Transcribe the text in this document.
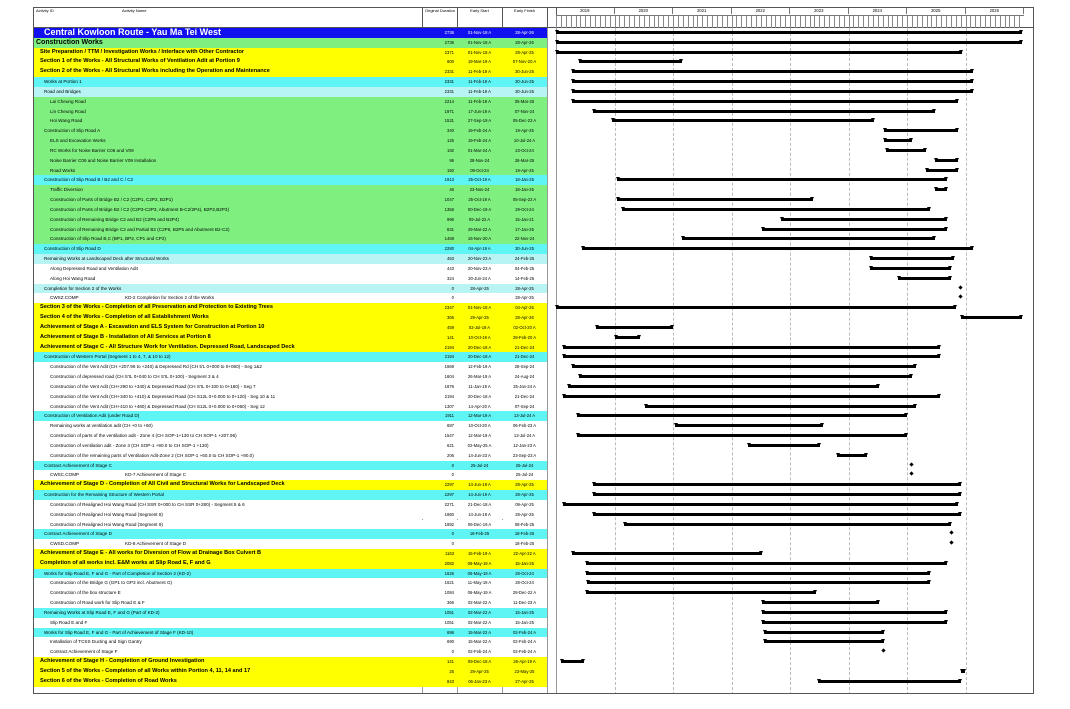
Activity ID	Activity Name	Original Duration	Early Start	Early Finish	2019	2020	2021	2022	2023	2024	2025	2026
Central Kowloon Route - Yau Ma Tei West	2736	01-Nov-18 A	28-Apr-26
Construction Works	2736	01-Nov-18 A	28-Apr-26
Site Preparation / TTM / Investigation Works / Interface with Other Contractor	2371	01-Nov-18 A	28-Apr-25
Section 1 of the Works - All Structural Works of Ventilation Adit at Portion 9	600	19-Mar-19 A	07-Nov-20 A
Section 2 of the Works - All Structural Works including the Operation and Maintenance	2331	11-Feb-19 A	30-Jun-25
Works at Portion 1	2331	11-Feb-19 A	30-Jun-25
Road and Bridges	2331	11-Feb-19 A	30-Jun-25
Lai Cheung Road	2214	11-Feb-19 A	05-Mar-25
Lin Cheung Road	1971	17-Jun-19 A	07-Nov-24
Hoi Wang Road	1531	27-Sep-19 A	05-Dec-23 A
Construction of Slip Road A	340	19-Feb-24 A	19-Apr-25
ELS and Excavation Works	125	19-Feb-24 A	10-Jul-24 A
RC Works for Noise Barrier C06 and V09	192	01-Mar-24 A	23-Oct-24
Noise Barrier C06 and Noise Barrier V09 Installation	96	28-Nov-24	26-Mar-25
Road Works	150	09-Oct-24	19-Apr-25
Construction of Slip Road B / B2 and C / C2	1913	25-Oct-19 A	18-Jan-25
Traffic Diversion	46	23-Nov-24	18-Jan-25
Construction of Parts of Bridge B2 / C2 (C2P1, C2P2, B2P1)	1047	25-Oct-19 A	05-Sep-22 A
Construction of Parts of Bridge B2 / C2 (C2P3-C2P3, Abutment B-C2/2P4), B2P2,B2P3)	1356	00-Dec-19 A	29-Oct-24
Construction of Remaining Bridge C2 and B2 (C2P5 and B2P4)	996	09-Jul-22 A	15-Jan-21
Construction of Remaining Bridge C2 and Partial B2 (C2P6, B2P5 and Abutment B2-C2)	831	29-Mar-22 A	17-Jan-25
Construction of Slip Road B,C (BP1, BP2, CP1 and CP2)	1468	16-Nov-20 A	22-Nov-24
Construction of Slip Road D	2280	04-Apr-19 A	30-Jun-25
Remaining Works at Landscaped Deck after Structural Works	463	20-Nov-23 A	24-Feb-25
Along Depressed Road and Ventilation Adit	443	20-Nov-23 A	04-Feb-25
Along Hoi Wang Road	324	20-Jun-24 A	14-Feb-25
Completion for Section 2 of the Works	0	28-Apr-25	28-Apr-25
CWSZ.COMP	KD-2 Completion for Section 2 of the Works	0	28-Apr-25
Section 3 of the Works - Completion of all Preservation and Protection to Existing Trees	2347	01-Nov-18 A	04-Apr-25
Section 4 of the Works - Completion of all Establishment Works	365	29-Apr-25	28-Apr-26
Achievement of Stage A - Excavation and ELS System for Construction at Portion 10	459	02-Jul-19 A	02-Oct-20 A
Achievement of Stage B - Installation of All Services at Portion 8	141	10-Oct-19 A	29-Feb-20 A
Achievement of Stage C - All Structure Work for Ventilation. Depressed Road, Landscaped Deck	2194	20-Dec-18 A	21-Dec-24
Construction of Western Portal (Segment 1 to 4, 7, & 10 to 12)	2194	20-Dec-18 A	21-Dec-24
Construction of the Vent Adit (CH +207.96 to +240) & Depressed Rd (CH 5'L 0+000 to 0+060) - Seg 1&2	1669	12-Feb-19 A	28-Sep-24
Construction of depressed road (CH S'IL 0+040 to CH S'IL 0+100) - Segment 3 & 4	1604	26-Mar-19 A	24-Aug-24
Construction of the Vent Adit (CH+290 to +340) & Depressed Road (CH S'IL 0+100 to 0+160) - Seg 7	1876	11-Jan-19 A	25-Jan-24 A
Construction of the Vent Adit (CH+340 to +410) & Depressed Road (CH S12L 0+0.000 to 0+120) - Seg 10 & 11	2194	20-Dec-18 A	21-Dec-24
Construction of the Vent Adit (CH+410 to +460) & Depressed Road (CH S12L 0+0.000 to 0+060) - Seg 12	1307	14-Apr-20 A	07-Sep-24
Construction of Ventilation Adit (under Road D)	1911	12-Mar-19 A	13-Jul-24 A
Remaining works at ventilation adit (CH +0 to +60)	687	10-Oct-20 A	06-Feb-23 A
Construction of parts of the ventilation adit - Zone 4 (CH SOP-1+130 to CH SOP-1 +207.96)	1547	12-Mar-19 A	13-Jul-24 A
Construction of ventilation adit - Zone 3 (CH SOP-1 +90.0 to CH SOP-1 +130)	621	02-May-25 A	12-Jan-23 A
Construction of the remaining parts of Ventilation Adit-Zone 2 (CH SOP-1 +60.0 to CH SOP-1 +90.0)	206	14-Jun-23 A	23-Sep-23 A
Contract Achievement of Stage C	0	25-Jul-24	25-Jul-24
CWSC.COMP	KD-7 Achievement of Stage C	0	25-Jul-24
Achievement of Stage D - Completion of All Civil and Structural Works for Landscaped Deck	2297	14-Jun-19 A	28-Apr-25
Construction for the Remaining Structure of Western Portal	2297	14-Jun-19 A	28-Apr-25
Construction of Realigned Hoi Wang Road (CH SSR 0+000 to CH SSR 0+280) - Segment 5 & 6	2271	21-Dec-18 A	09-Apr-25
Construction of Realigned Hoi Wang Road (Segment 8)	1860	14-Jun-19 A	28-Apr-25
Construction of Realigned Hoi Wang Road (Segment 9)	1892	06-Dec-19 A	08-Feb-25
Contract Achievement of Stage D	0	18-Feb-25	18-Feb-25
CWSD.COMP	KD-8 Achievement of Stage D	0	18-Feb-25
Achievement of Stage E - All works for Diversion of Flow at Drainage Box Culvert B	1163	15-Feb-19 A	22-Apr-22 A
Completion of all works incl. E&M works at Slip Road E, F and G	2082	06-May-19 A	15-Jan-25
Works for Slip Road E, F and G - Part of Completion of Section 2 (KD-2)	1626	06-May-19 A	28-Oct-24
Construction of the Bridge G (GP1 to GP3 incl. Abutment G)	1621	11-May-19 A	28-Oct-24
Construction of the box structure E	1084	06-May-19 A	28-Dec-22 A
Construction of Road work for Slip Road E & F	366	02-Mar-22 A	11-Dec-23 A
Remaining Works at Slip Road E, F and G (Part of KD-2)	1051	02-Mar-22 A	15-Jan-25
Slip Road E and F	1051	02-Mar-22 A	15-Jan-25
Works for Slip Road E, F and G - Part of Achievement of Stage F (KD-10)	696	15-Mar-22 A	02-Feb-24 A
Installation of TCSS Ducting and Sign Gantry	690	15-Mar-22 A	02-Feb-24 A
Contract Achievement of Stage F	0	02-Feb-24 A	02-Feb-24 A
Achievement of Stage H - Completion of Ground Investigation	141	09-Dec-18 A	26-Apr-19 A
Section 5 of the Works - Completion of all Works within Portion 4, 11, 14 and 17	25	29-Apr-25	23-May-25
Section 6 of the Works - Completion of Road Works	843	06-Jan-23 A	27-Apr-25
